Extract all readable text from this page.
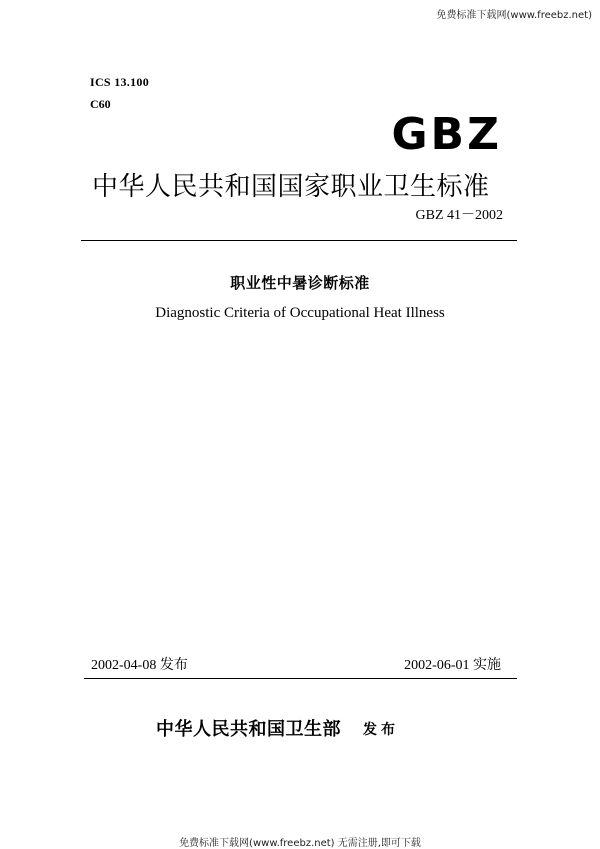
免费标准下载网(www.freebz.net)
ICS 13.100
C60
GBZ
中华人民共和国国家职业卫生标准
GBZ 41－2002
职业性中暑诊断标准
Diagnostic Criteria of Occupational Heat Illness
2002-04-08 发布	2002-06-01 实施
中华人民共和国卫生部 发布
免费标准下载网(www.freebz.net) 无需注册,即可下载
